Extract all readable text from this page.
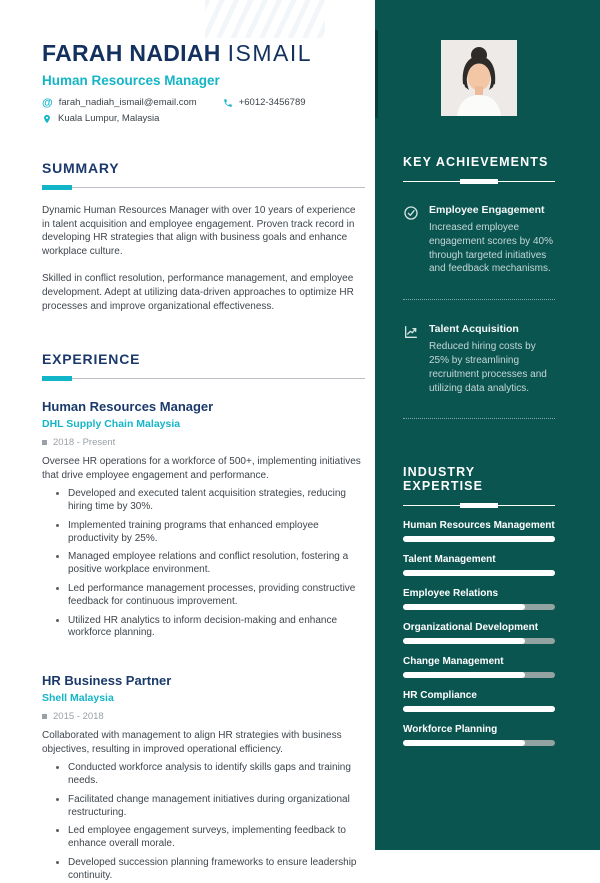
FARAH NADIAH ISMAIL
Human Resources Manager
@ farah_nadiah_ismail@email.com	+6012-3456789
Kuala Lumpur, Malaysia
SUMMARY

Dynamic Human Resources Manager with over 10 years of experience in talent acquisition and employee engagement. Proven track record in developing HR strategies that align with business goals and enhance workplace culture.

Skilled in conflict resolution, performance management, and employee development. Adept at utilizing data-driven approaches to optimize HR processes and improve organizational effectiveness.

EXPERIENCE
Human Resources Manager
DHL Supply Chain Malaysia
2018 - Present
Oversee HR operations for a workforce of 500+, implementing initiatives that drive employee engagement and performance.
• Developed and executed talent acquisition strategies, reducing hiring time by 30%.
• Implemented training programs that enhanced employee productivity by 25%.
• Managed employee relations and conflict resolution, fostering a positive workplace environment.
• Led performance management processes, providing constructive feedback for continuous improvement.
• Utilized HR analytics to inform decision-making and enhance workforce planning.
HR Business Partner
Shell Malaysia
2015 - 2018
Collaborated with management to align HR strategies with business objectives, resulting in improved operational efficiency.
• Conducted workforce analysis to identify skills gaps and training needs.
• Facilitated change management initiatives during organizational restructuring.
• Led employee engagement surveys, implementing feedback to enhance overall morale.
• Developed succession planning frameworks to ensure leadership continuity.
KEY ACHIEVEMENTS
Employee Engagement
Increased employee engagement scores by 40% through targeted initiatives and feedback mechanisms.
Talent Acquisition
Reduced hiring costs by 25% by streamlining recruitment processes and utilizing data analytics.
INDUSTRY EXPERTISE
Human Resources Management
Talent Management
Employee Relations
Organizational Development
Change Management
HR Compliance
Workforce Planning
